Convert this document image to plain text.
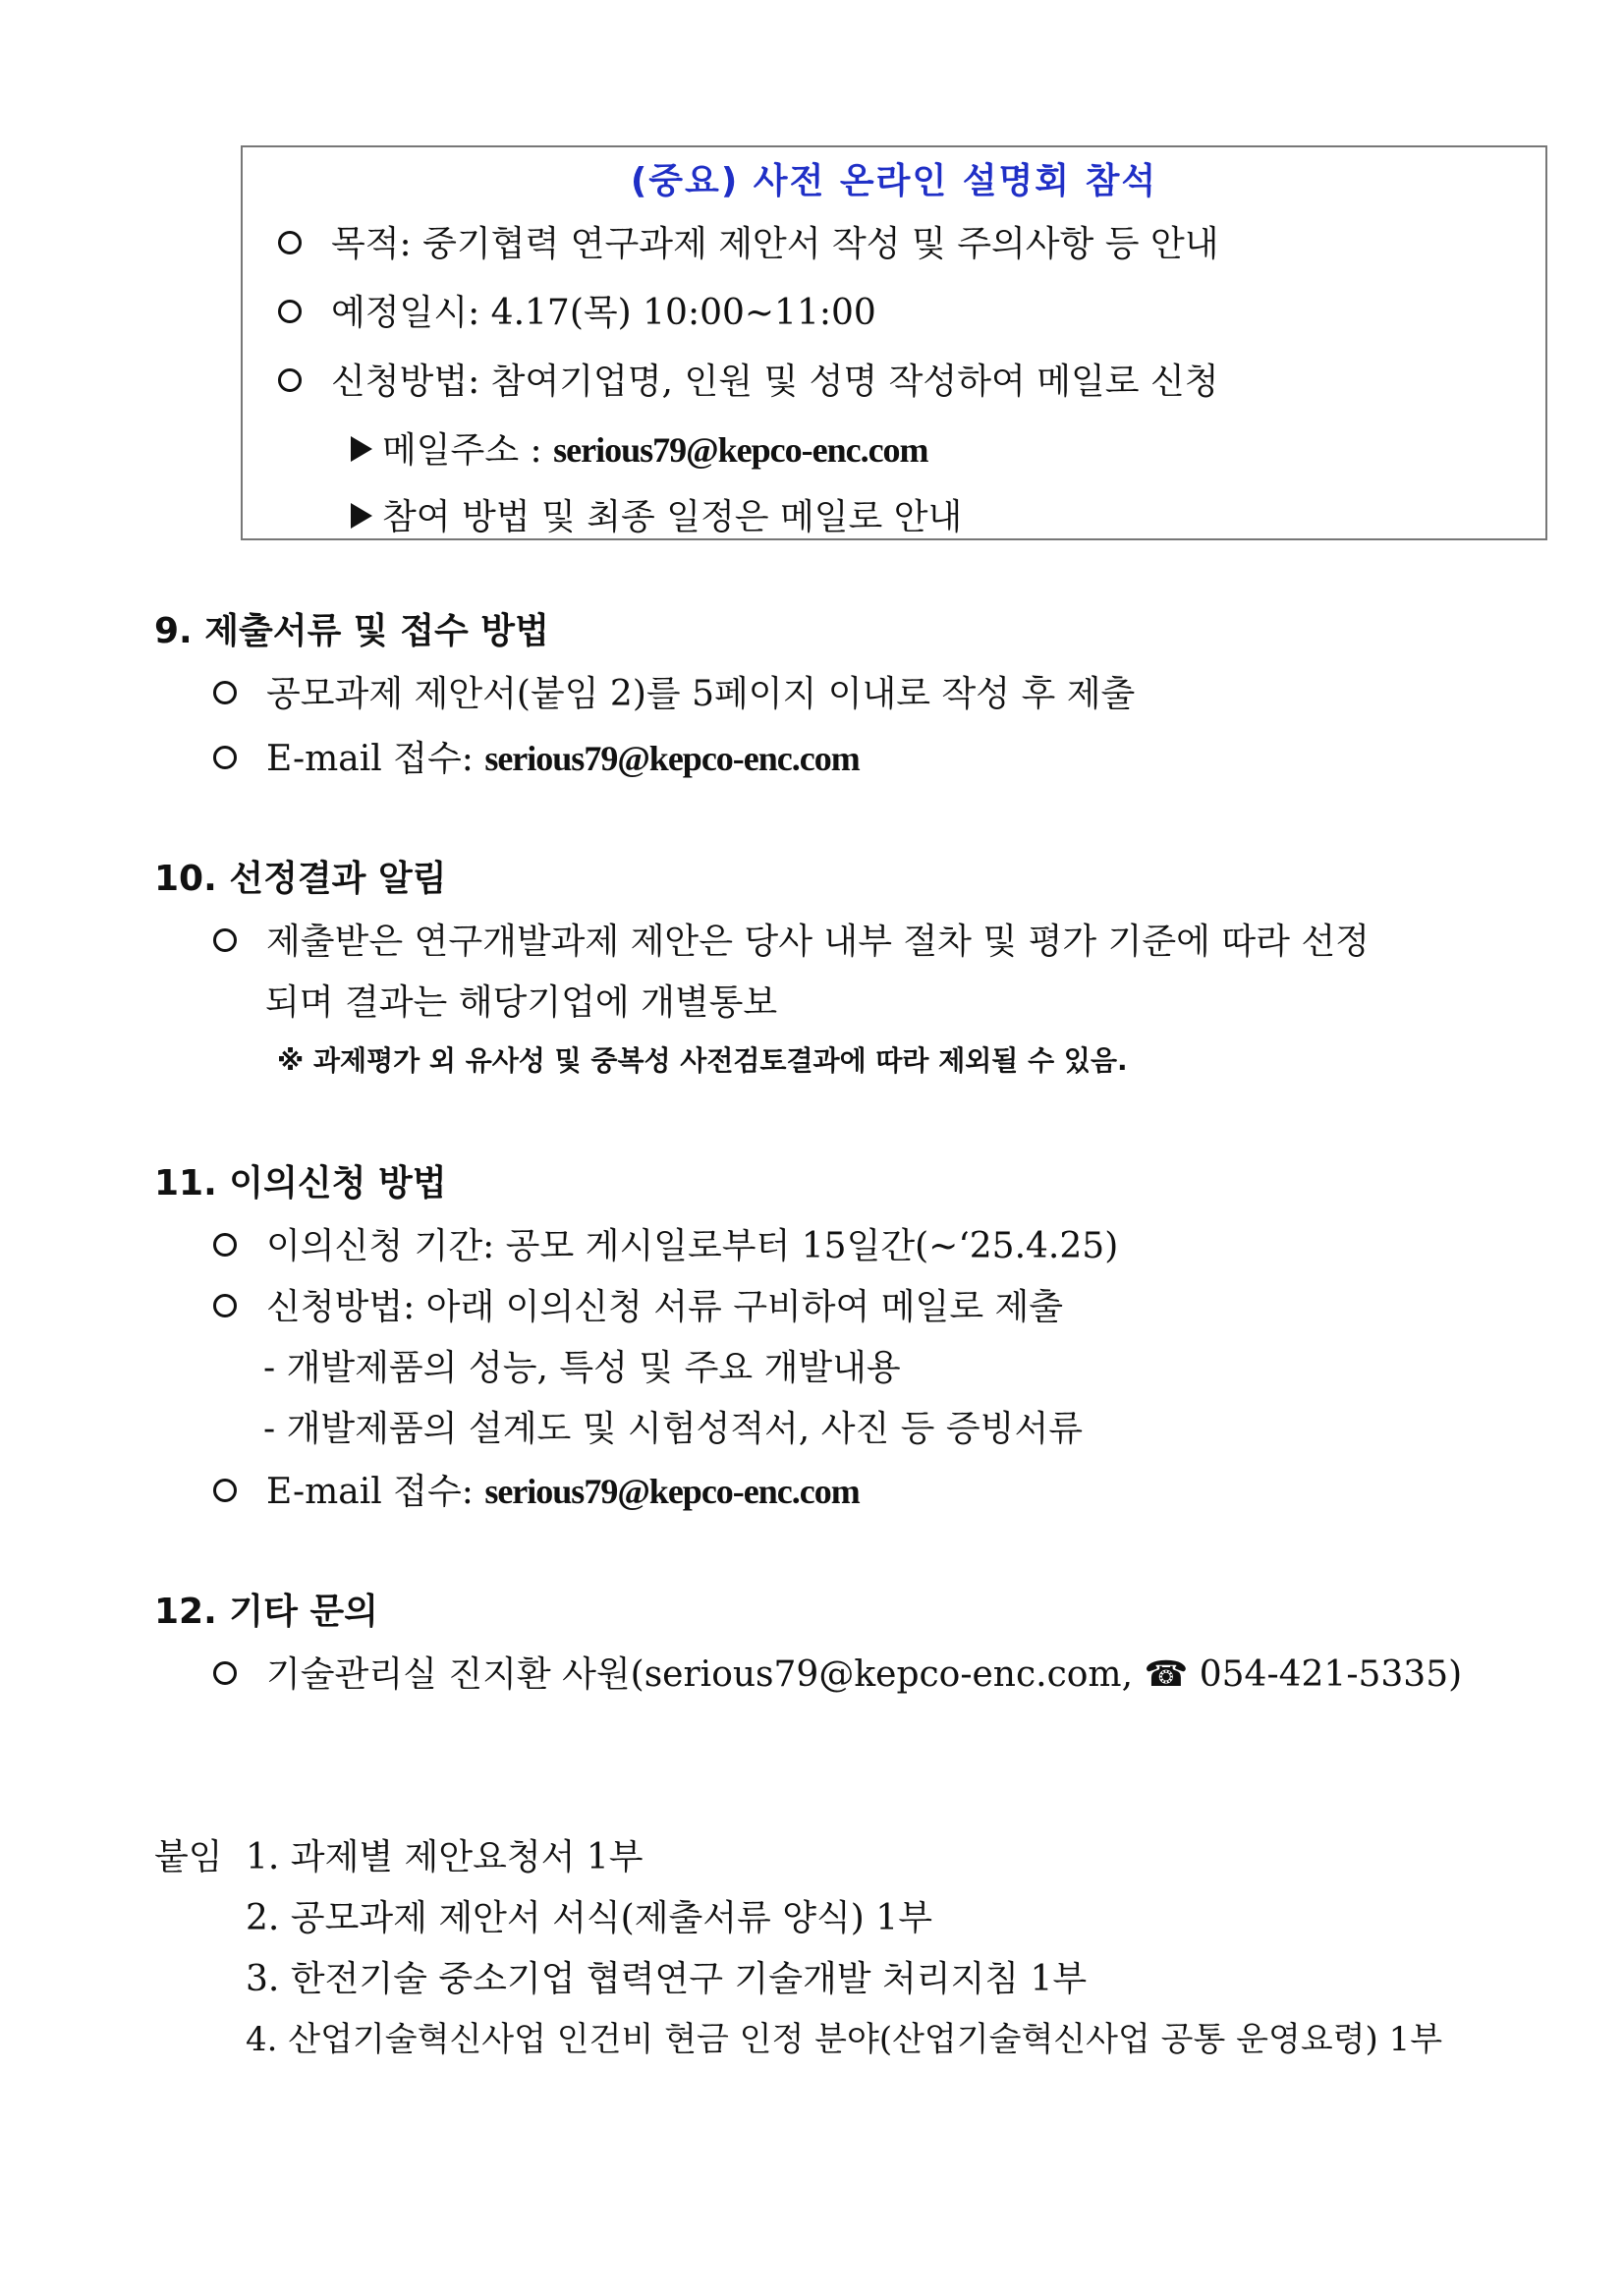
(중요) 사전 온라인 설명회 참석
목적: 중기협력 연구과제 제안서 작성 및 주의사항 등 안내
예정일시: 4.17(목) 10:00~11:00
신청방법: 참여기업명, 인원 및 성명 작성하여 메일로 신청
메일주소 : serious79@kepco-enc.com
참여 방법 및 최종 일정은 메일로 안내
9. 제출서류 및 접수 방법
공모과제 제안서(붙임 2)를 5페이지 이내로 작성 후 제출
E-mail 접수: serious79@kepco-enc.com
10. 선정결과 알림
제출받은 연구개발과제 제안은 당사 내부 절차 및 평가 기준에 따라 선정
되며 결과는 해당기업에 개별통보
※ 과제평가 외 유사성 및 중복성 사전검토결과에 따라 제외될 수 있음.
11. 이의신청 방법
이의신청 기간: 공모 게시일로부터 15일간(~‘25.4.25)
신청방법: 아래 이의신청 서류 구비하여 메일로 제출
- 개발제품의 성능, 특성 및 주요 개발내용
- 개발제품의 설계도 및 시험성적서, 사진 등 증빙서류
E-mail 접수: serious79@kepco-enc.com
12. 기타 문의
기술관리실 진지환 사원(serious79@kepco-enc.com, ☎ 054-421-5335)
붙임 1. 과제별 제안요청서 1부
2. 공모과제 제안서 서식(제출서류 양식) 1부
3. 한전기술 중소기업 협력연구 기술개발 처리지침 1부
4. 산업기술혁신사업 인건비 현금 인정 분야(산업기술혁신사업 공통 운영요령) 1부
